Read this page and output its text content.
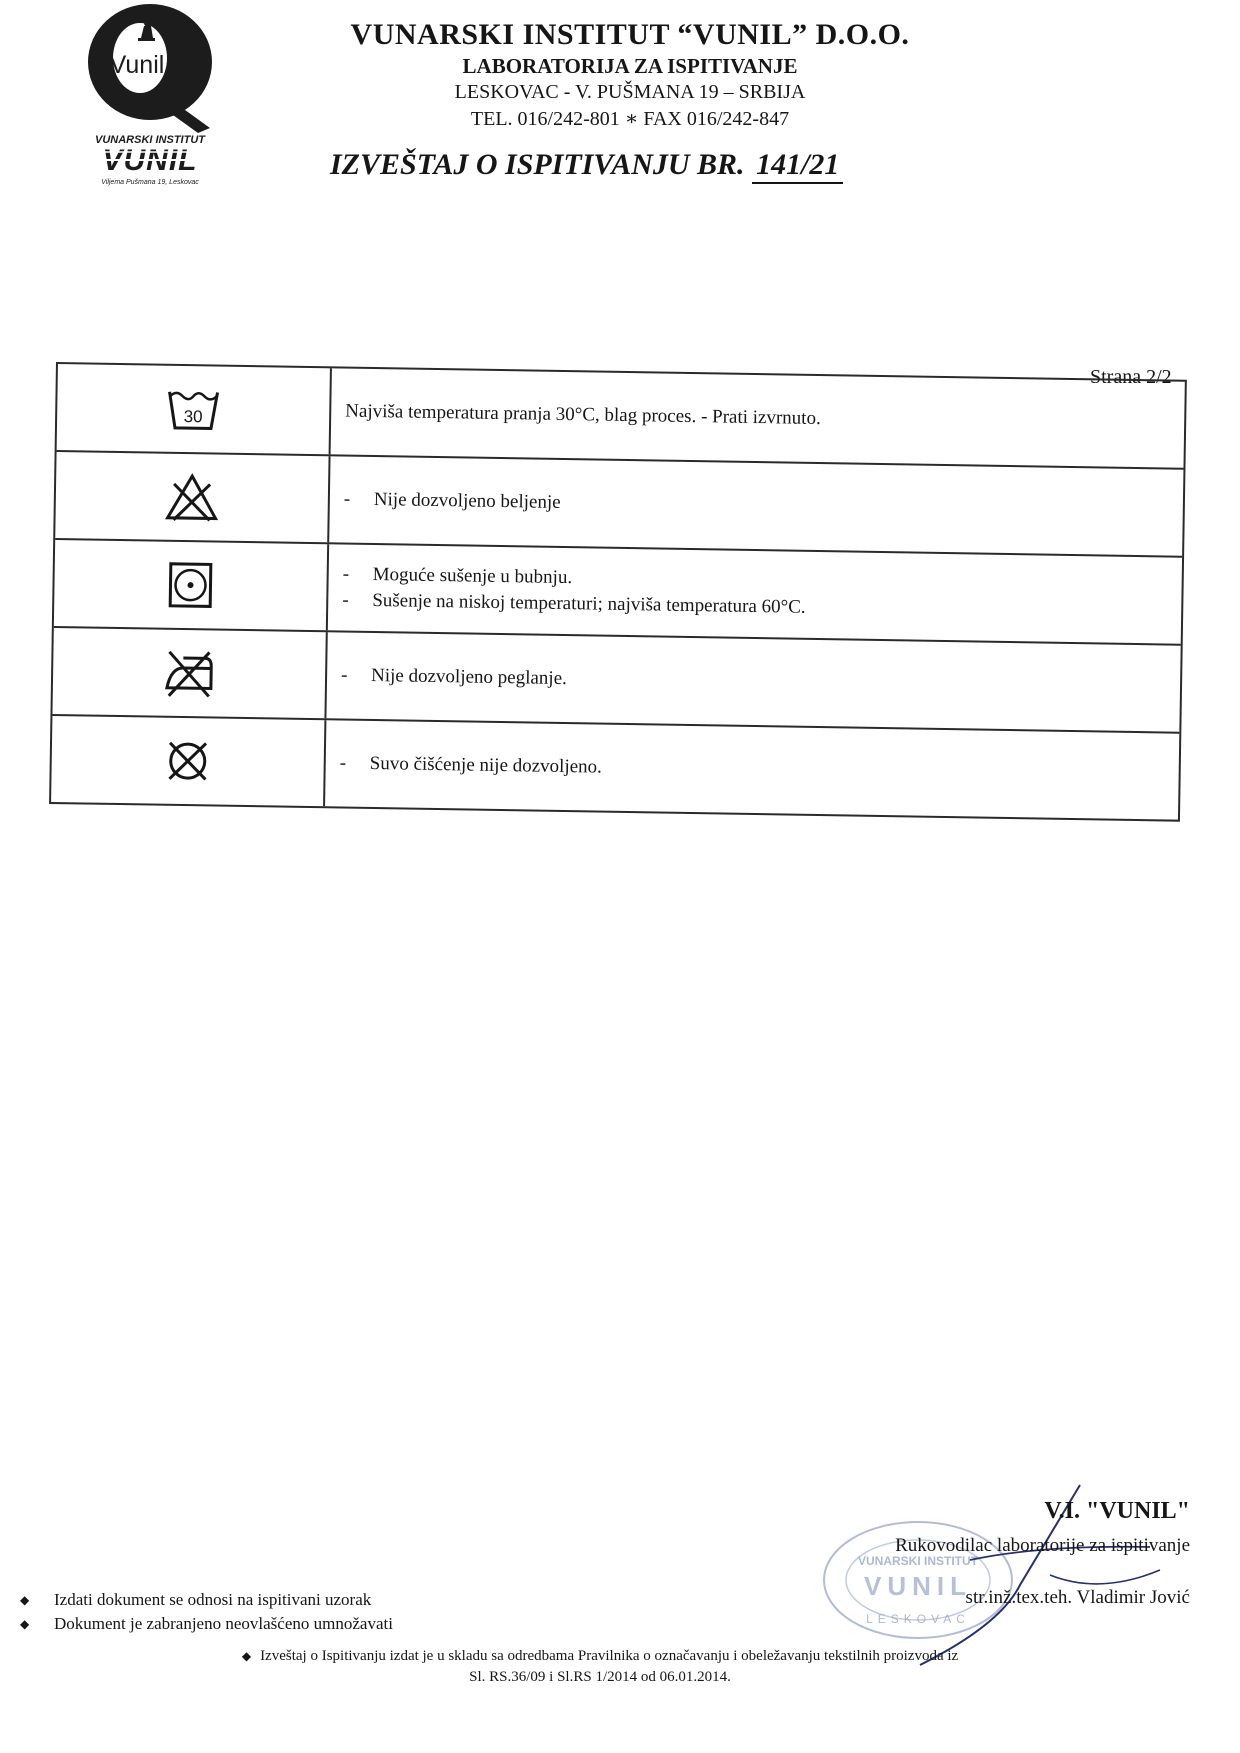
Vunil
VUNARSKI INSTITUT
VUNIL
Viljema Pušmana 19, Leskovac
VUNARSKI INSTITUT “VUNIL” D.O.O.
LABORATORIJA ZA ISPITIVANJE
LESKOVAC - V. PUŠMANA 19 – SRBIJA
TEL. 016/242-801 ∗ FAX 016/242-847
IZVEŠTAJ O ISPITIVANJU BR. 141/21
Strana 2/2
30	Najviša temperatura pranja 30°C, blag proces. - Prati izvrnuto.
-	Nije dozvoljeno beljenje
-	Moguće sušenje u bubnju.
-	Sušenje na niskoj temperaturi; najviša temperatura 60°C.
-	Nije dozvoljeno peglanje.
-	Suvo čišćenje nije dozvoljeno.
VUNARSKI INSTITUT
VUNIL
LESKOVAC
V.I. "VUNIL"
Rukovodilac laboratorije za ispitivanje
str.inž.tex.teh. Vladimir Jović
◆	Izdati dokument se odnosi na ispitivani uzorak
◆	Dokument je zabranjeno neovlašćeno umnožavati
◆   Izveštaj o Ispitivanju izdat je u skladu sa odredbama Pravilnika o označavanju i obeležavanju tekstilnih proizvoda iz
Sl. RS.36/09 i Sl.RS 1/2014 od 06.01.2014.
